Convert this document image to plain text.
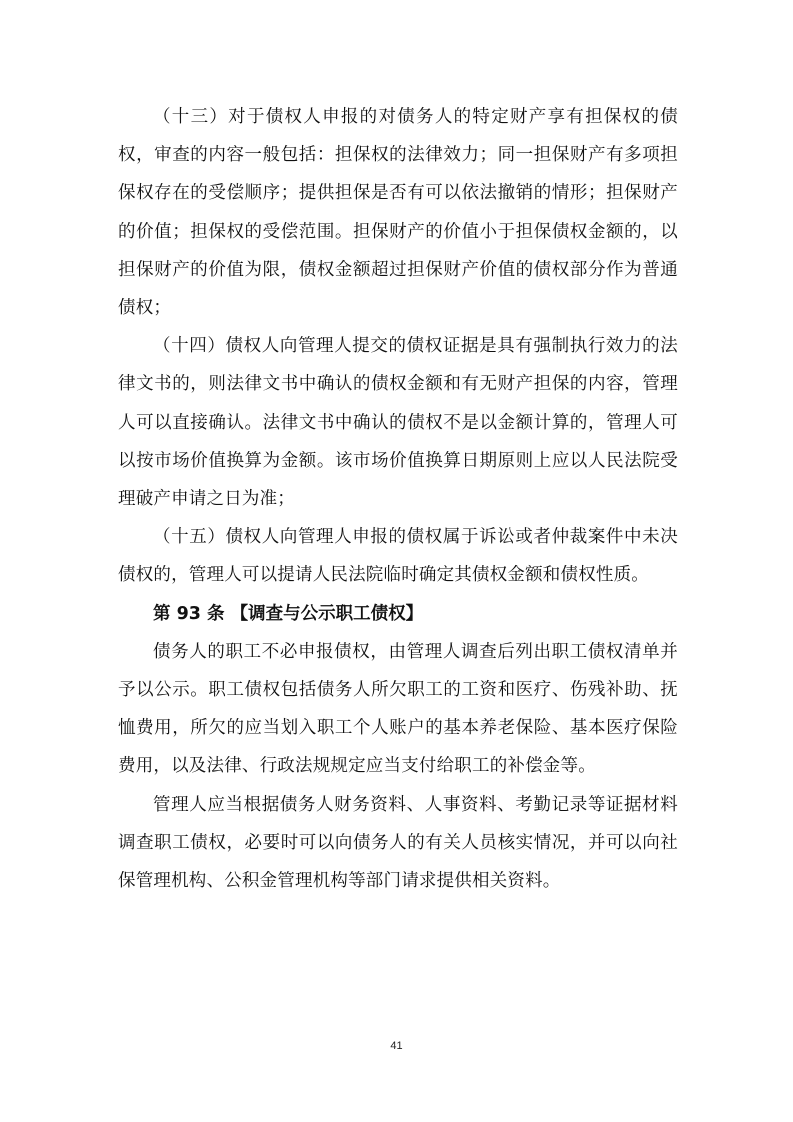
（十三）对于债权人申报的对债务人的特定财产享有担保权的债权，审查的内容一般包括：担保权的法律效力；同一担保财产有多项担保权存在的受偿顺序；提供担保是否有可以依法撤销的情形；担保财产的价值；担保权的受偿范围。担保财产的价值小于担保债权金额的，以担保财产的价值为限，债权金额超过担保财产价值的债权部分作为普通债权；

（十四）债权人向管理人提交的债权证据是具有强制执行效力的法律文书的，则法律文书中确认的债权金额和有无财产担保的内容，管理人可以直接确认。法律文书中确认的债权不是以金额计算的，管理人可以按市场价值换算为金额。该市场价值换算日期原则上应以人民法院受理破产申请之日为准；

（十五）债权人向管理人申报的债权属于诉讼或者仲裁案件中未决债权的，管理人可以提请人民法院临时确定其债权金额和债权性质。

第 93 条 【调查与公示职工债权】

债务人的职工不必申报债权，由管理人调查后列出职工债权清单并予以公示。职工债权包括债务人所欠职工的工资和医疗、伤残补助、抚恤费用，所欠的应当划入职工个人账户的基本养老保险、基本医疗保险费用，以及法律、行政法规规定应当支付给职工的补偿金等。

管理人应当根据债务人财务资料、人事资料、考勤记录等证据材料调查职工债权，必要时可以向债务人的有关人员核实情况，并可以向社保管理机构、公积金管理机构等部门请求提供相关资料。

41
